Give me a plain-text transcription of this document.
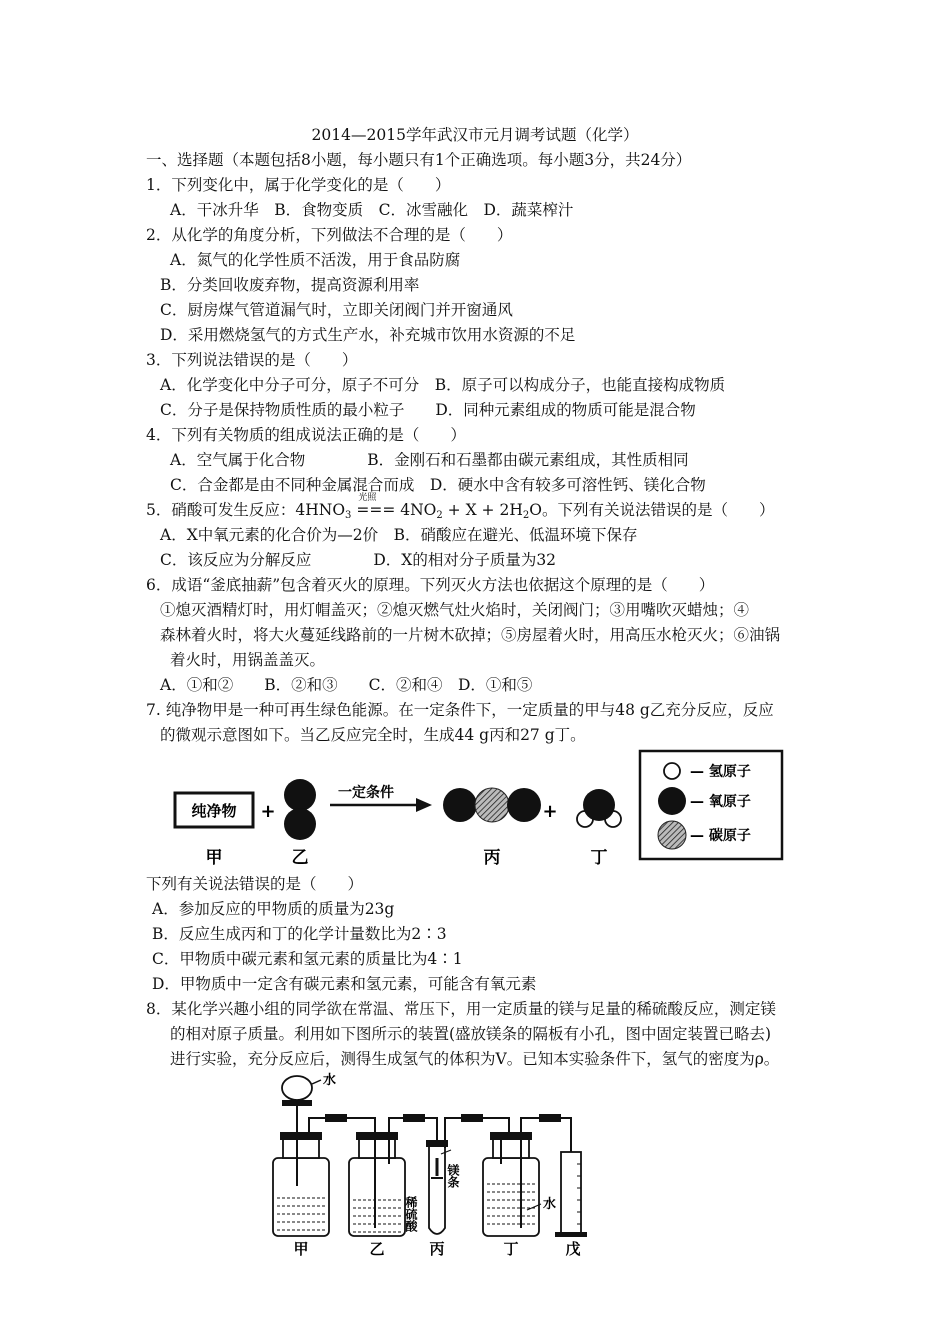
2014—2015学年武汉市元月调考试题（化学）
一、选择题（本题包括8小题，每小题只有1个正确选项。每小题3分，共24分）
1．下列变化中，属于化学变化的是（　　）
A．干冰升华　B．食物变质　C．冰雪融化　D．蔬菜榨汁
2．从化学的角度分析，下列做法不合理的是（　　）
A．氮气的化学性质不活泼，用于食品防腐
B．分类回收废弃物，提高资源利用率
C．厨房煤气管道漏气时，立即关闭阀门并开窗通风
D．采用燃烧氢气的方式生产水，补充城市饮用水资源的不足
3．下列说法错误的是（　　）
A．化学变化中分子可分，原子不可分　B．原子可以构成分子，也能直接构成物质
C．分子是保持物质性质的最小粒子　　D．同种元素组成的物质可能是混合物
4．下列有关物质的组成说法正确的是（　　）
A．空气属于化合物　　　　B．金刚石和石墨都由碳元素组成，其性质相同
C．合金都是由不同种金属混合而成　D．硬水中含有较多可溶性钙、镁化合物
5．硝酸可发生反应：$4HNO_3$
光照
=== $4NO_2 + X + 2H_2O$。下列有关说法错误的是（　　）
A．X中氧元素的化合价为—2价　B．硝酸应在避光、低温环境下保存
C．该反应为分解反应　　　　D．X的相对分子质量为32
6．成语“釜底抽薪”包含着灭火的原理。下列灭火方法也依据这个原理的是（　　）
①熄灭酒精灯时，用灯帽盖灭；②熄灭燃气灶火焰时，关闭阀门；③用嘴吹灭蜡烛；④
森林着火时，将大火蔓延线路前的一片树木砍掉；⑤房屋着火时，用高压水枪灭火；⑥油锅
着火时，用锅盖盖灭。
A．①和②　　B．②和③　　C．②和④　D．①和⑤
7. 纯净物甲是一种可再生绿色能源。在一定条件下，一定质量的甲与48 g乙充分反应，反应
的微观示意图如下。当乙反应完全时，生成44 g丙和27 g丁。
纯净物 +
一定条件
+
甲	乙	丙	丁
— 氢原子
— 氧原子
— 碳原子
下列有关说法错误的是（　　）
A．参加反应的甲物质的质量为23g
B．反应生成丙和丁的化学计量数比为2∶3
C．甲物质中碳元素和氢元素的质量比为4∶1
D．甲物质中一定含有碳元素和氢元素，可能含有氧元素
8．某化学兴趣小组的同学欲在常温、常压下，用一定质量的镁与足量的稀硫酸反应，测定镁
的相对原子质量。利用如下图所示的装置(盛放镁条的隔板有小孔，图中固定装置已略去)
进行实验，充分反应后，测得生成氢气的体积为V。已知本实验条件下，氢气的密度为ρ。
水
稀硫酸
镁条
水
甲	乙	丙	丁	戊
